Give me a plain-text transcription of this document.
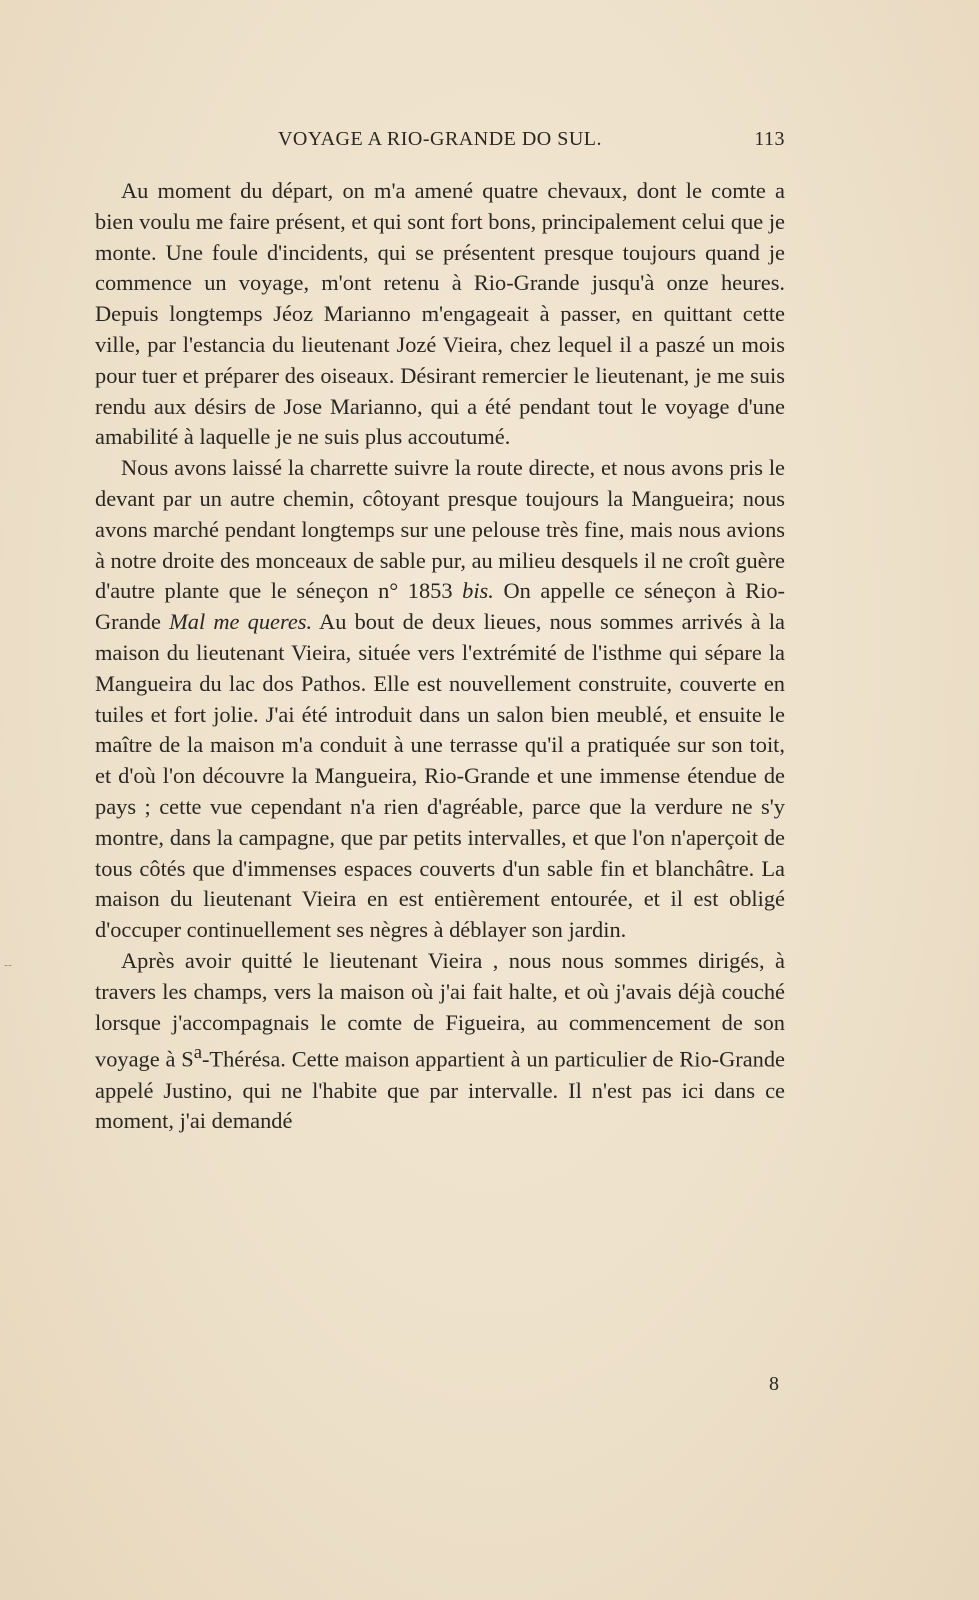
VOYAGE A RIO-GRANDE DO SUL.	113

Au moment du départ, on m'a amené quatre chevaux, dont le comte a bien voulu me faire présent, et qui sont fort bons, principalement celui que je monte. Une foule d'incidents, qui se présentent presque toujours quand je commence un voyage, m'ont retenu à Rio-Grande jusqu'à onze heures. Depuis longtemps Jéoz Marianno m'engageait à passer, en quittant cette ville, par l'estancia du lieutenant Jozé Vieira, chez lequel il a paszé un mois pour tuer et préparer des oiseaux. Désirant remercier le lieutenant, je me suis rendu aux désirs de Jose Marianno, qui a été pendant tout le voyage d'une amabilité à laquelle je ne suis plus accoutumé.

Nous avons laissé la charrette suivre la route directe, et nous avons pris le devant par un autre chemin, côtoyant presque toujours la Mangueira; nous avons marché pendant longtemps sur une pelouse très fine, mais nous avions à notre droite des monceaux de sable pur, au milieu desquels il ne croît guère d'autre plante que le séneçon n° 1853 bis. On appelle ce séneçon à Rio-Grande Mal me queres. Au bout de deux lieues, nous sommes arrivés à la maison du lieutenant Vieira, située vers l'extrémité de l'isthme qui sépare la Mangueira du lac dos Pathos. Elle est nouvellement construite, couverte en tuiles et fort jolie. J'ai été introduit dans un salon bien meublé, et ensuite le maître de la maison m'a conduit à une terrasse qu'il a pratiquée sur son toit, et d'où l'on découvre la Mangueira, Rio-Grande et une immense étendue de pays ; cette vue cependant n'a rien d'agréable, parce que la verdure ne s'y montre, dans la campagne, que par petits intervalles, et que l'on n'aperçoit de tous côtés que d'immenses espaces couverts d'un sable fin et blanchâtre. La maison du lieutenant Vieira en est entièrement entourée, et il est obligé d'occuper continuellement ses nègres à déblayer son jardin.

Après avoir quitté le lieutenant Vieira , nous nous sommes dirigés, à travers les champs, vers la maison où j'ai fait halte, et où j'avais déjà couché lorsque j'accompagnais le comte de Figueira, au commencement de son voyage à $S^a$-Thérésa. Cette maison appartient à un particulier de Rio-Grande appelé Justino, qui ne l'habite que par intervalle. Il n'est pas ici dans ce moment, j'ai demandé

8
--
